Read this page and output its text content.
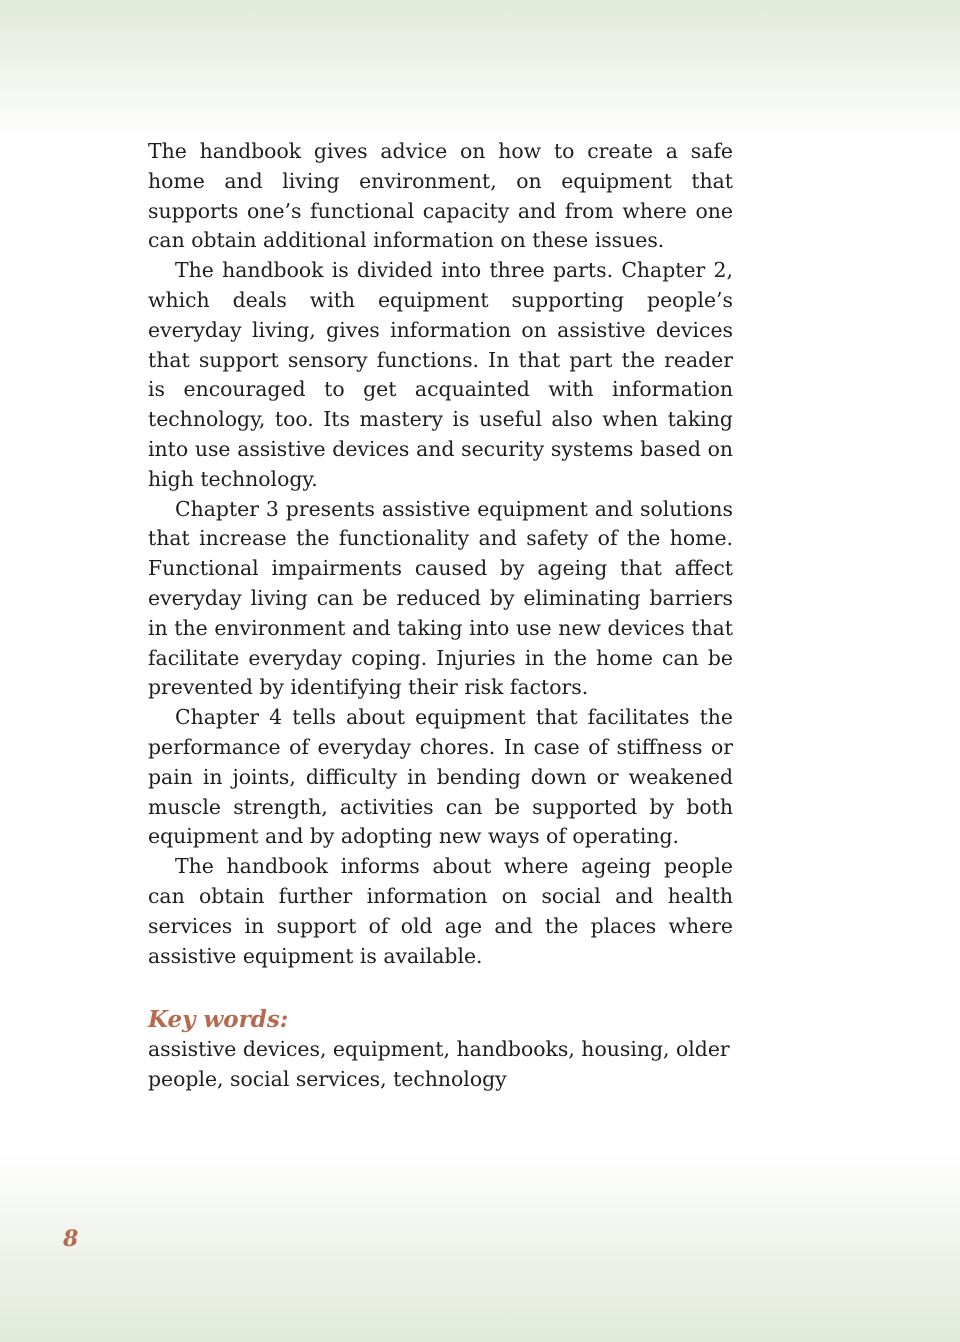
The handbook gives advice on how to create a safe home and living environment, on equipment that supports one’s functional capacity and from where one can obtain additional information on these issues.

The handbook is divided into three parts. Chapter 2, which deals with equipment supporting people’s everyday living, gives information on assistive devices that support sensory functions. In that part the reader is encouraged to get acquainted with information technology, too. Its mastery is useful also when taking into use assistive devices and security systems based on high technology.

Chapter 3 presents assistive equipment and solutions that increase the functionality and safety of the home. Functional impairments caused by ageing that affect everyday living can be reduced by eliminating barriers in the environment and taking into use new devices that facilitate everyday coping. Injuries in the home can be prevented by identifying their risk factors.

Chapter 4 tells about equipment that facilitates the performance of everyday chores. In case of stiffness or pain in joints, difficulty in bending down or weakened muscle strength, activities can be supported by both equipment and by adopting new ways of operating.

The handbook informs about where ageing people can obtain further information on social and health services in support of old age and the places where assistive equipment is available.

Key words:

assistive devices, equipment, handbooks, housing, older people, social services, technology

8
